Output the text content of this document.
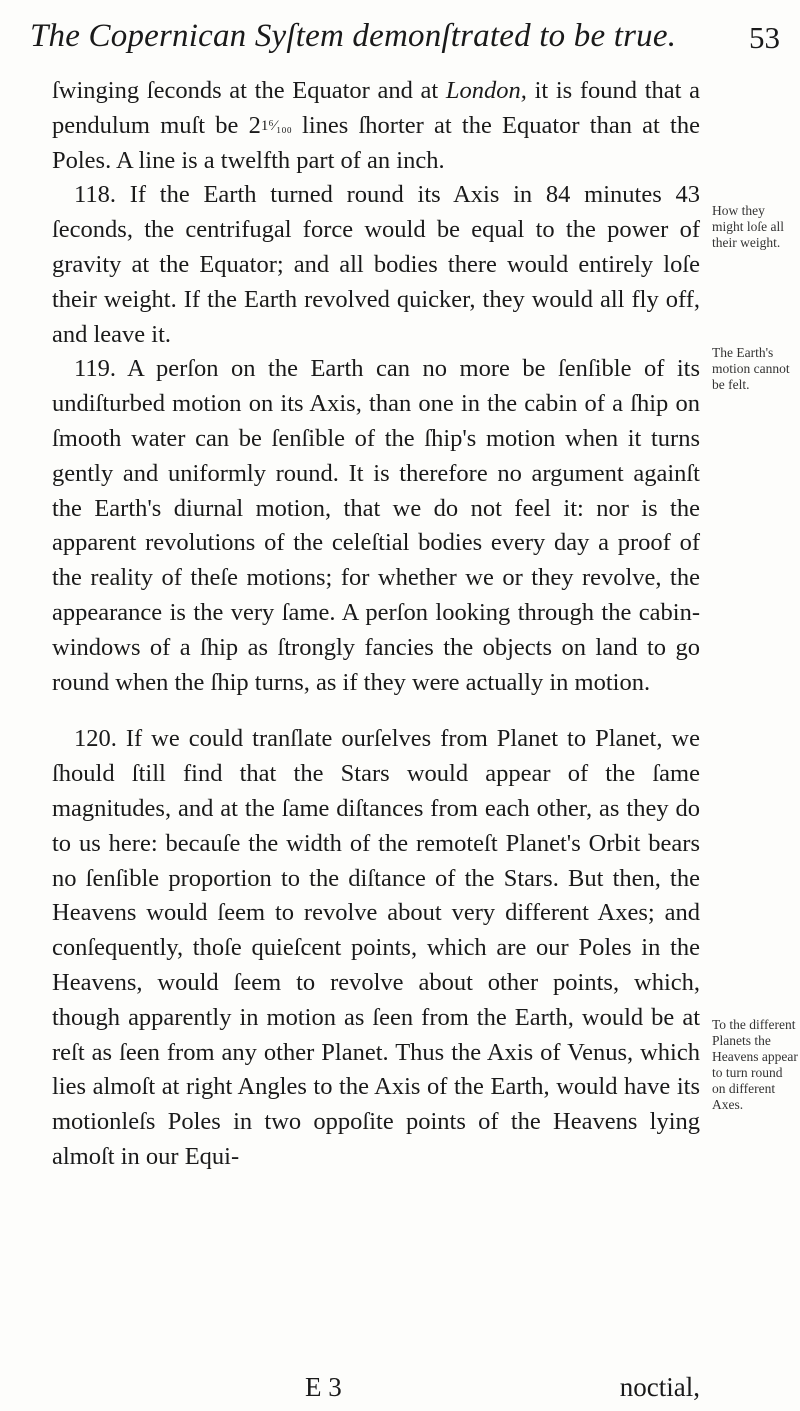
The Copernican Syſtem demonſtrated to be true. 53

ſwinging ſeconds at the Equator and at London, it is found that a pendulum muſt be 21⁶⁄₁₀₀ lines ſhorter at the Equator than at the Poles. A line is a twelfth part of an inch.

118. If the Earth turned round its Axis in 84 minutes 43 ſeconds, the centrifugal force would be equal to the power of gravity at the Equator; and all bodies there would entirely loſe their weight. If the Earth revolved quicker, they would all fly off, and leave it.

119. A perſon on the Earth can no more be ſenſible of its undiſturbed motion on its Axis, than one in the cabin of a ſhip on ſmooth water can be ſenſible of the ſhip's motion when it turns gently and uniformly round. It is therefore no argument againſt the Earth's diurnal motion, that we do not feel it: nor is the apparent revolutions of the celeſtial bodies every day a proof of the reality of theſe motions; for whether we or they revolve, the appearance is the very ſame. A perſon looking through the cabin-windows of a ſhip as ſtrongly fancies the objects on land to go round when the ſhip turns, as if they were actually in motion.

120. If we could tranſlate ourſelves from Planet to Planet, we ſhould ſtill find that the Stars would appear of the ſame magnitudes, and at the ſame diſtances from each other, as they do to us here: becauſe the width of the remoteſt Planet's Orbit bears no ſenſible proportion to the diſtance of the Stars. But then, the Heavens would ſeem to revolve about very different Axes; and conſequently, thoſe quieſcent points, which are our Poles in the Heavens, would ſeem to revolve about other points, which, though apparently in motion as ſeen from the Earth, would be at reſt as ſeen from any other Planet. Thus the Axis of Venus, which lies almoſt at right Angles to the Axis of the Earth, would have its motionleſs Poles in two oppoſite points of the Heavens lying almoſt in our Equi-

How they might loſe all their weight.
The Earth's motion cannot be felt.
To the different Planets the Heavens appear to turn round on different Axes.
E 3	noctial,
